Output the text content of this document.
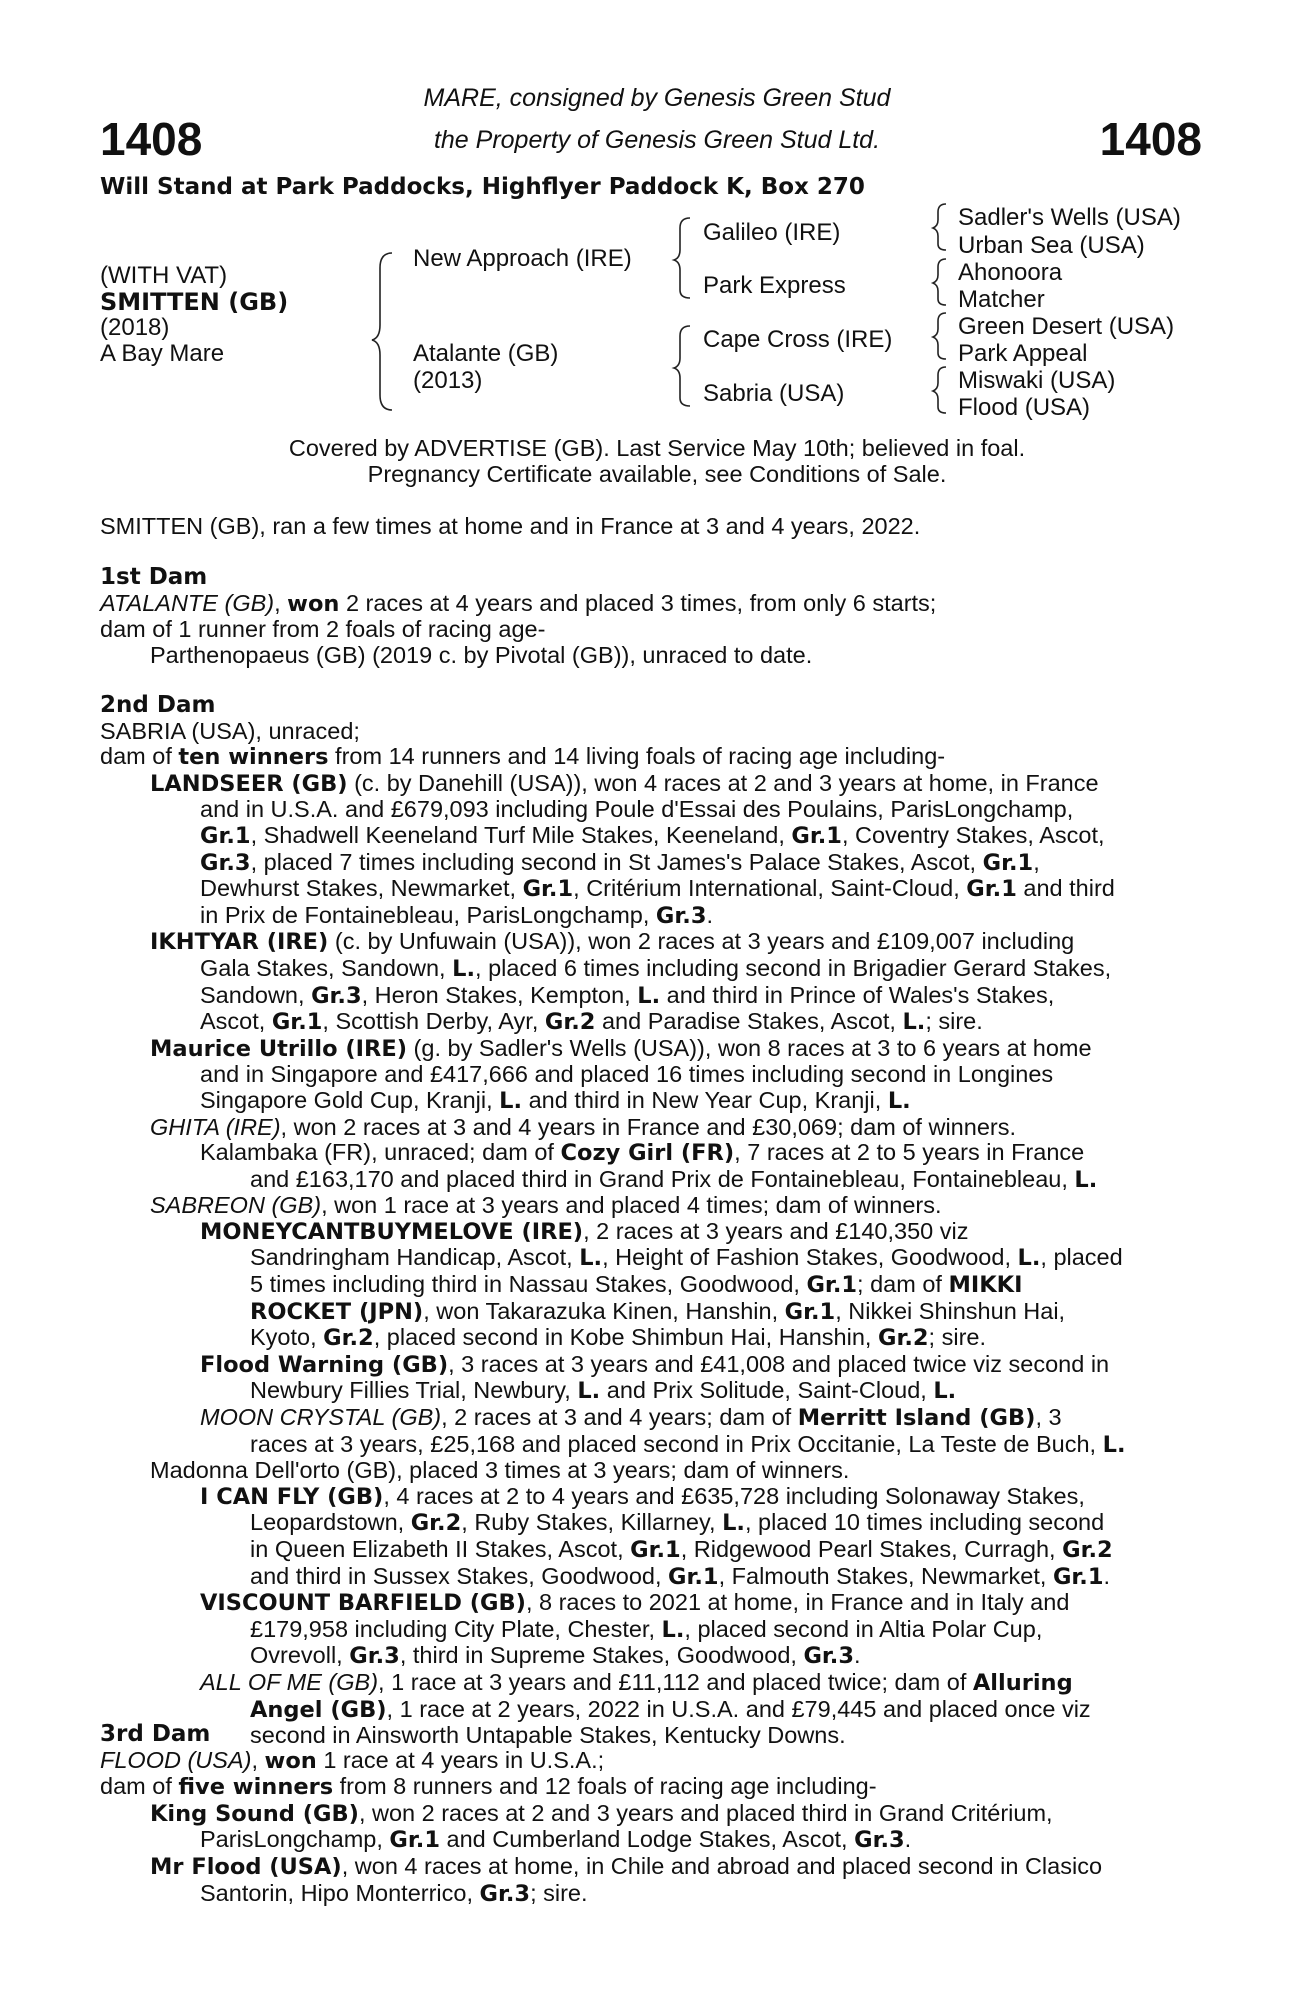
1408	1408
MARE, consigned by Genesis Green Stud
the Property of Genesis Green Stud Ltd.
Will Stand at Park Paddocks, Highflyer Paddock K, Box 270
(WITH VAT)
SMITTEN (GB)
(2018)
A Bay Mare
New Approach (IRE)
Atalante (GB)
(2013)
Galileo (IRE)
Park Express
Cape Cross (IRE)
Sabria (USA)
Sadler's Wells (USA)
Urban Sea (USA)
Ahonoora
Matcher
Green Desert (USA)
Park Appeal
Miswaki (USA)
Flood (USA)
Covered by ADVERTISE (GB). Last Service May 10th; believed in foal.
Pregnancy Certificate available, see Conditions of Sale.
SMITTEN (GB), ran a few times at home and in France at 3 and 4 years, 2022.
1st Dam
ATALANTE (GB), won 2 races at 4 years and placed 3 times, from only 6 starts;
dam of 1 runner from 2 foals of racing age-
Parthenopaeus (GB) (2019 c. by Pivotal (GB)), unraced to date.
2nd Dam
SABRIA (USA), unraced;
dam of ten winners from 14 runners and 14 living foals of racing age including-
LANDSEER (GB) (c. by Danehill (USA)), won 4 races at 2 and 3 years at home, in France
and in U.S.A. and £679,093 including Poule d'Essai des Poulains, ParisLongchamp,
Gr.1, Shadwell Keeneland Turf Mile Stakes, Keeneland, Gr.1, Coventry Stakes, Ascot,
Gr.3, placed 7 times including second in St James's Palace Stakes, Ascot, Gr.1,
Dewhurst Stakes, Newmarket, Gr.1, Critérium International, Saint-Cloud, Gr.1 and third
in Prix de Fontainebleau, ParisLongchamp, Gr.3.
IKHTYAR (IRE) (c. by Unfuwain (USA)), won 2 races at 3 years and £109,007 including
Gala Stakes, Sandown, L., placed 6 times including second in Brigadier Gerard Stakes,
Sandown, Gr.3, Heron Stakes, Kempton, L. and third in Prince of Wales's Stakes,
Ascot, Gr.1, Scottish Derby, Ayr, Gr.2 and Paradise Stakes, Ascot, L.; sire.
Maurice Utrillo (IRE) (g. by Sadler's Wells (USA)), won 8 races at 3 to 6 years at home
and in Singapore and £417,666 and placed 16 times including second in Longines
Singapore Gold Cup, Kranji, L. and third in New Year Cup, Kranji, L.
GHITA (IRE), won 2 races at 3 and 4 years in France and £30,069; dam of winners.
Kalambaka (FR), unraced; dam of Cozy Girl (FR), 7 races at 2 to 5 years in France
and £163,170 and placed third in Grand Prix de Fontainebleau, Fontainebleau, L.
SABREON (GB), won 1 race at 3 years and placed 4 times; dam of winners.
MONEYCANTBUYMELOVE (IRE), 2 races at 3 years and £140,350 viz
Sandringham Handicap, Ascot, L., Height of Fashion Stakes, Goodwood, L., placed
5 times including third in Nassau Stakes, Goodwood, Gr.1; dam of MIKKI
ROCKET (JPN), won Takarazuka Kinen, Hanshin, Gr.1, Nikkei Shinshun Hai,
Kyoto, Gr.2, placed second in Kobe Shimbun Hai, Hanshin, Gr.2; sire.
Flood Warning (GB), 3 races at 3 years and £41,008 and placed twice viz second in
Newbury Fillies Trial, Newbury, L. and Prix Solitude, Saint-Cloud, L.
MOON CRYSTAL (GB), 2 races at 3 and 4 years; dam of Merritt Island (GB), 3
races at 3 years, £25,168 and placed second in Prix Occitanie, La Teste de Buch, L.
Madonna Dell'orto (GB), placed 3 times at 3 years; dam of winners.
I CAN FLY (GB), 4 races at 2 to 4 years and £635,728 including Solonaway Stakes,
Leopardstown, Gr.2, Ruby Stakes, Killarney, L., placed 10 times including second
in Queen Elizabeth II Stakes, Ascot, Gr.1, Ridgewood Pearl Stakes, Curragh, Gr.2
and third in Sussex Stakes, Goodwood, Gr.1, Falmouth Stakes, Newmarket, Gr.1.
VISCOUNT BARFIELD (GB), 8 races to 2021 at home, in France and in Italy and
£179,958 including City Plate, Chester, L., placed second in Altia Polar Cup,
Ovrevoll, Gr.3, third in Supreme Stakes, Goodwood, Gr.3.
ALL OF ME (GB), 1 race at 3 years and £11,112 and placed twice; dam of Alluring
Angel (GB), 1 race at 2 years, 2022 in U.S.A. and £79,445 and placed once viz
second in Ainsworth Untapable Stakes, Kentucky Downs.
3rd Dam
FLOOD (USA), won 1 race at 4 years in U.S.A.;
dam of five winners from 8 runners and 12 foals of racing age including-
King Sound (GB), won 2 races at 2 and 3 years and placed third in Grand Critérium,
ParisLongchamp, Gr.1 and Cumberland Lodge Stakes, Ascot, Gr.3.
Mr Flood (USA), won 4 races at home, in Chile and abroad and placed second in Clasico
Santorin, Hipo Monterrico, Gr.3; sire.
